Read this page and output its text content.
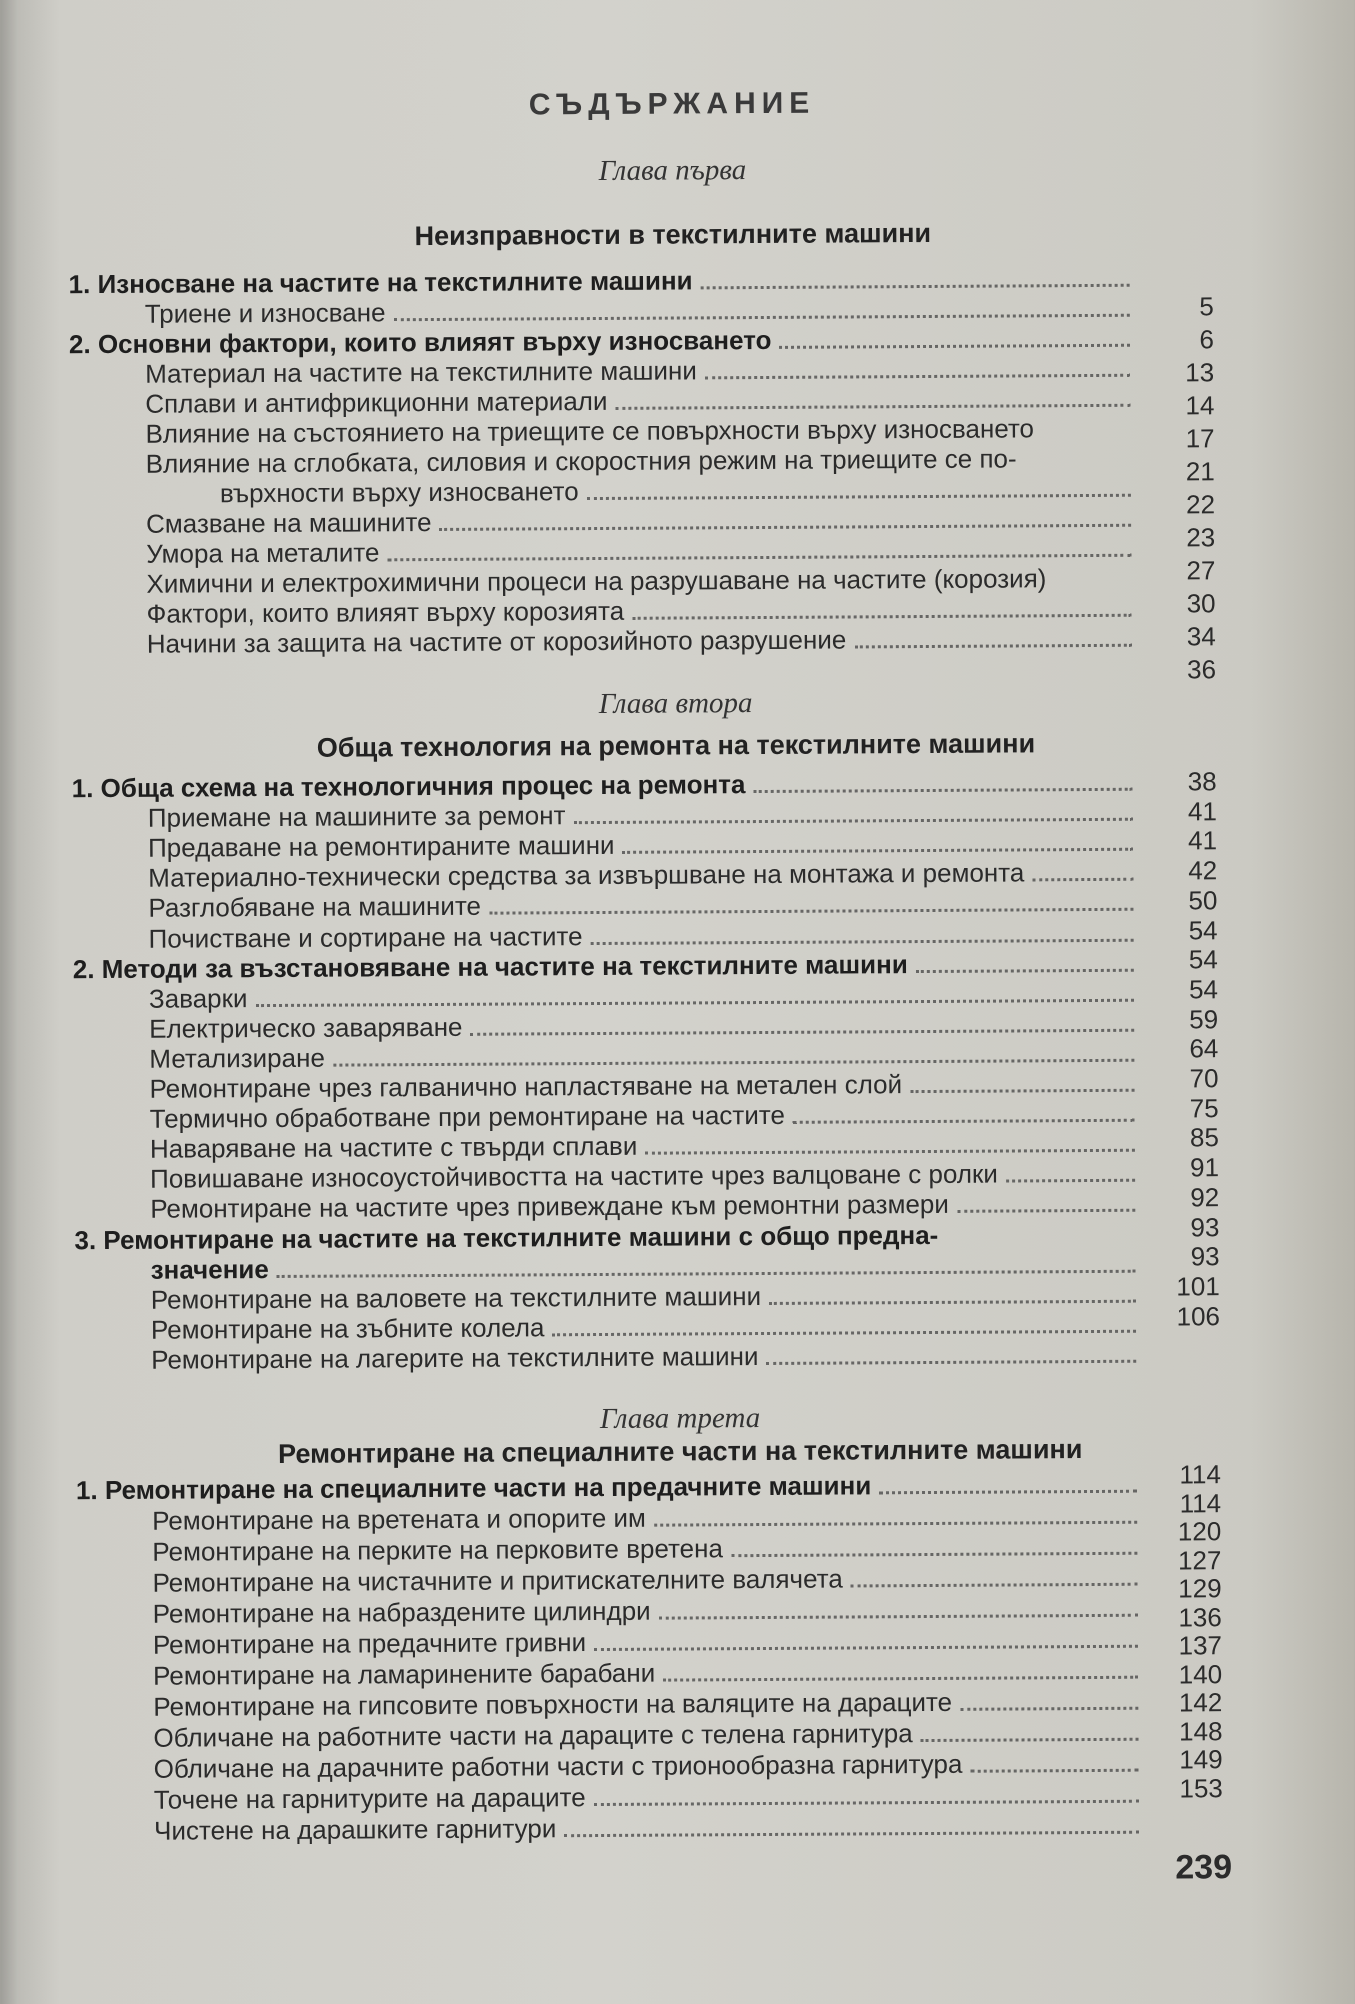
СЪДЪРЖАНИЕ
Глава първа
Неизправности в текстилните машини
Глава втора
Обща технология на ремонта на текстилните машини
Глава трета
Ремонтиране на специалните части на текстилните машини
1. Износване на частите на текстилните машини
Триене и износване
2. Основни фактори, които влияят върху износването
Материал на частите на текстилните машини
Сплави и антифрикционни материали
Влияние на състоянието на триещите се повърхности върху износването
Влияние на сглобката, силовия и скоростния режим на триещите се по-
върхности върху износването
Смазване на машините
Умора на металите
Химични и електрохимични процеси на разрушаване на частите (корозия)
Фактори, които влияят върху корозията
Начини за защита на частите от корозийното разрушение
5
6
13
14
17
21
22
23
27
30
34
36
1. Обща схема на технологичния процес на ремонта
Приемане на машините за ремонт
Предаване на ремонтираните машини
Материално-технически средства за извършване на монтажа и ремонта
Разглобяване на машините
Почистване и сортиране на частите
2. Методи за възстановяване на частите на текстилните машини
Заварки
Електрическо заваряване
Метализиране
Ремонтиране чрез галванично напластяване на метален слой
Термично обработване при ремонтиране на частите
Наваряване на частите с твърди сплави
Повишаване износоустойчивостта на частите чрез валцоване с ролки
Ремонтиране на частите чрез привеждане към ремонтни размери
3. Ремонтиране на частите на текстилните машини с общо предна-
значение
Ремонтиране на валовете на текстилните машини
Ремонтиране на зъбните колела
Ремонтиране на лагерите на текстилните машини
38
41
41
42
50
54
54
54
59
64
70
75
85
91
92
93
93
101
106
1. Ремонтиране на специалните части на предачните машини
Ремонтиране на вретената и опорите им
Ремонтиране на перките на перковите вретена
Ремонтиране на чистачните и притискателните валячета
Ремонтиране на набраздените цилиндри
Ремонтиране на предачните гривни
Ремонтиране на ламаринените барабани
Ремонтиране на гипсовите повърхности на валяците на дараците
Обличане на работните части на дараците с телена гарнитура
Обличане на дарачните работни части с трионообразна гарнитура
Точене на гарнитурите на дараците
Чистене на дарашките гарнитури
114
114
120
127
129
136
137
140
142
148
149
153
239
